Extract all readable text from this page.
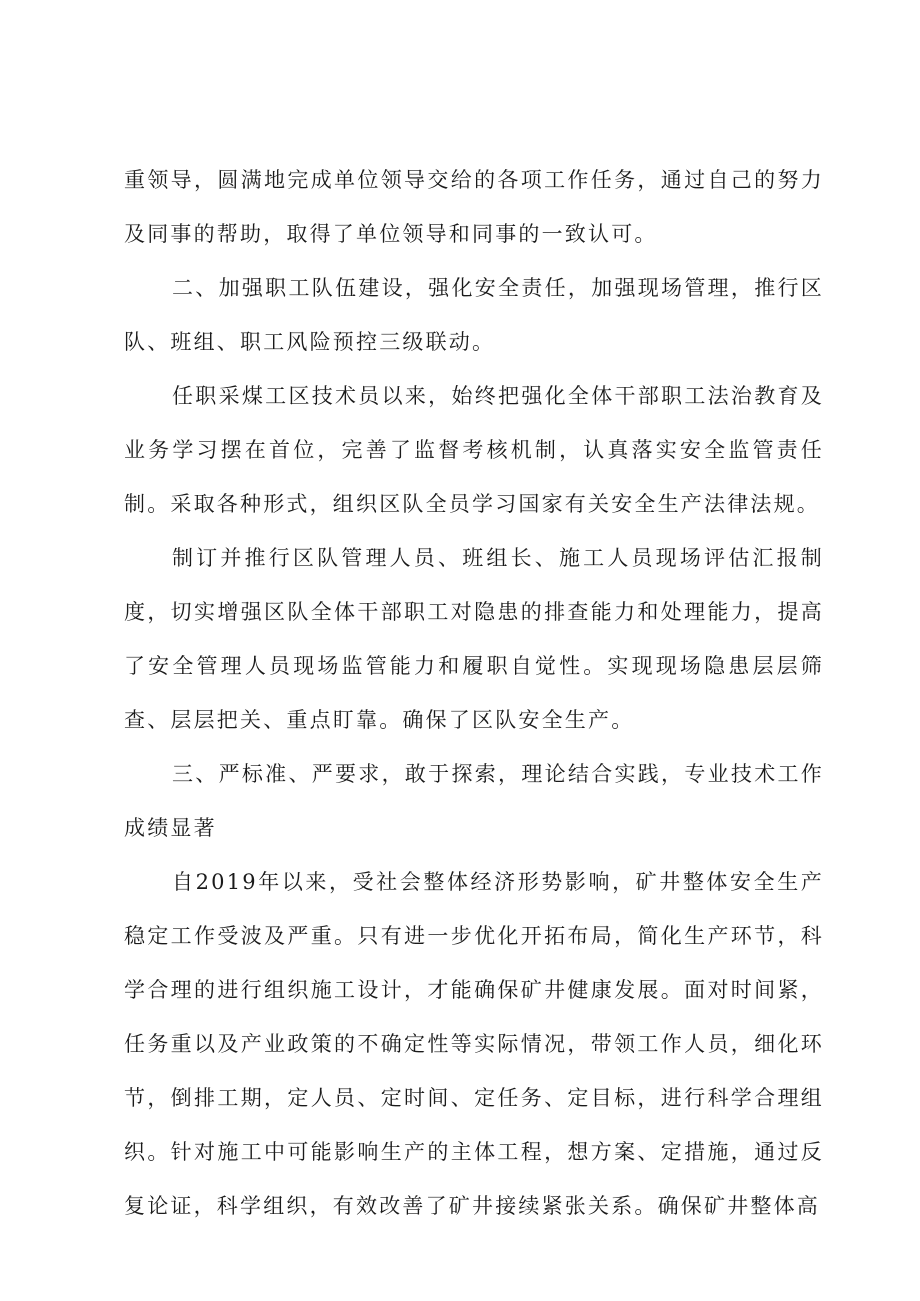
重领导，圆满地完成单位领导交给的各项工作任务，通过自己的努力及同事的帮助，取得了单位领导和同事的一致认可。

二、加强职工队伍建设，强化安全责任，加强现场管理，推行区队、班组、职工风险预控三级联动。

任职采煤工区技术员以来，始终把强化全体干部职工法治教育及业务学习摆在首位，完善了监督考核机制，认真落实安全监管责任制。采取各种形式，组织区队全员学习国家有关安全生产法律法规。

制订并推行区队管理人员、班组长、施工人员现场评估汇报制度，切实增强区队全体干部职工对隐患的排查能力和处理能力，提高了安全管理人员现场监管能力和履职自觉性。实现现场隐患层层筛查、层层把关、重点盯靠。确保了区队安全生产。

三、严标准、严要求，敢于探索，理论结合实践，专业技术工作成绩显著

自2019年以来，受社会整体经济形势影响，矿井整体安全生产稳定工作受波及严重。只有进一步优化开拓布局，简化生产环节，科学合理的进行组织施工设计，才能确保矿井健康发展。面对时间紧，任务重以及产业政策的不确定性等实际情况，带领工作人员，细化环节，倒排工期，定人员、定时间、定任务、定目标，进行科学合理组织。针对施工中可能影响生产的主体工程，想方案、定措施，通过反复论证，科学组织，有效改善了矿井接续紧张关系。确保矿井整体高
